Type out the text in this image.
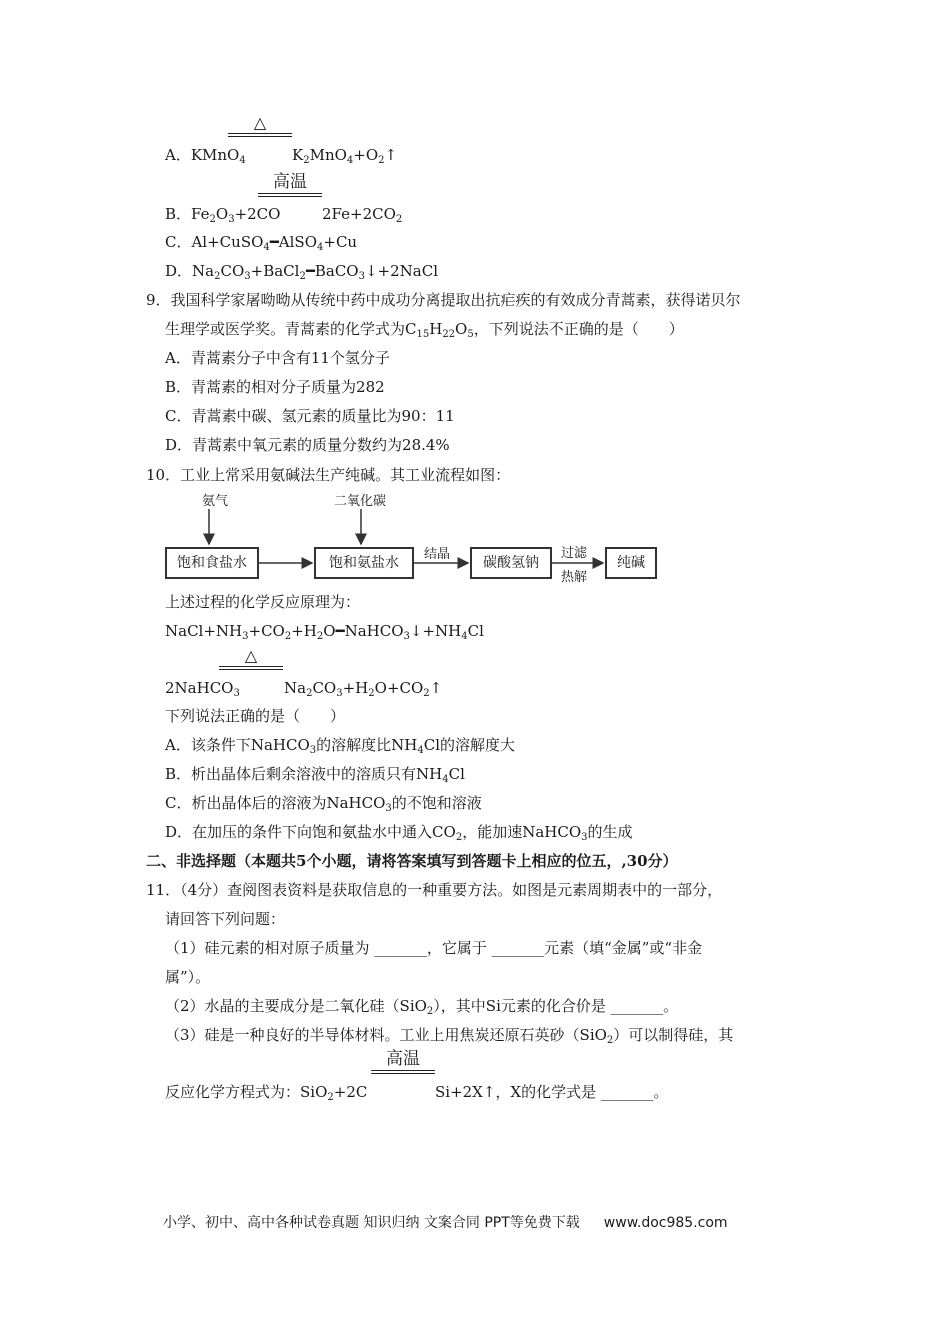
△
A．KMnO$_4$	$K_2MnO_4+O_2↑$
高温
B．$Fe_2O_3+2CO$	$2Fe+2CO_2$
C．Al+CuSO$_4$━AlSO$_4$+Cu
D．$Na_2CO_3+BaCl_2━BaCO_3↓+2NaCl$
9．我国科学家屠呦呦从传统中药中成功分离提取出抗疟疾的有效成分青蒿素，获得诺贝尔
生理学或医学奖。青蒿素的化学式为$C_{15}H_{22}O_5$，下列说法不正确的是（　　）
A．青蒿素分子中含有11个氢分子
B．青蒿素的相对分子质量为282
C．青蒿素中碳、氢元素的质量比为90：11
D．青蒿素中氧元素的质量分数约为28.4%
10．工业上常采用氨碱法生产纯碱。其工业流程如图：
氨气	二氧化碳
饱和食盐水	饱和氨盐水	碳酸氢钠	纯碱
结晶	过滤
热解
上述过程的化学反应原理为：
$NaCl+NH_3+CO_2+H_2O━NaHCO_3↓+NH_4Cl$
△
2NaHCO$_3$	$Na_2CO_3+H_2O+CO_2↑$
下列说法正确的是（　　）
A．该条件下NaHCO$_3$的溶解度比$NH_4Cl$的溶解度大
B．析出晶体后剩余溶液中的溶质只有$NH_4Cl$
C．析出晶体后的溶液为NaHCO$_3$的不饱和溶液
D．在加压的条件下向饱和氨盐水中通入$CO_2$，能加速NaHCO$_3$的生成
二、非选择题（本题共5个小题，请将答案填写到答题卡上相应的位五，,30分）
11．（4分）查阅图表资料是获取信息的一种重要方法。如图是元素周期表中的一部分，
请回答下列问题：
（1）硅元素的相对原子质量为 _______，它属于 _______元素（填“金属”或“非金
属”）。
（2）水晶的主要成分是二氧化硅（SiO$_2$），其中Si元素的化合价是 _______。
（3）硅是一种良好的半导体材料。工业上用焦炭还原石英砂（SiO$_2$）可以制得硅，其
高温
反应化学方程式为：SiO$_2$+2C	Si+2X↑，X的化学式是 _______。
小学、初中、高中各种试卷真题 知识归纳 文案合同 PPT等免费下载 www.doc985.com
